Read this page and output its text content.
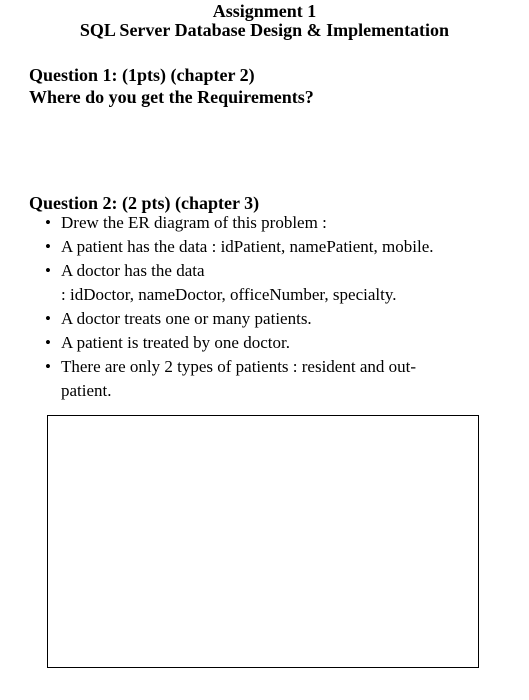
Assignment 1
SQL Server Database Design & Implementation
Question 1: (1pts) (chapter 2)
Where do you get the Requirements?
Question 2: (2 pts) (chapter 3)
• Drew the ER diagram of this problem :
• A patient has the data : idPatient, namePatient, mobile.
• A doctor has the data
: idDoctor, nameDoctor, officeNumber, specialty.
• A doctor treats one or many patients.
• A patient is treated by one doctor.
• There are only 2 types of patients : resident and out-
patient.
